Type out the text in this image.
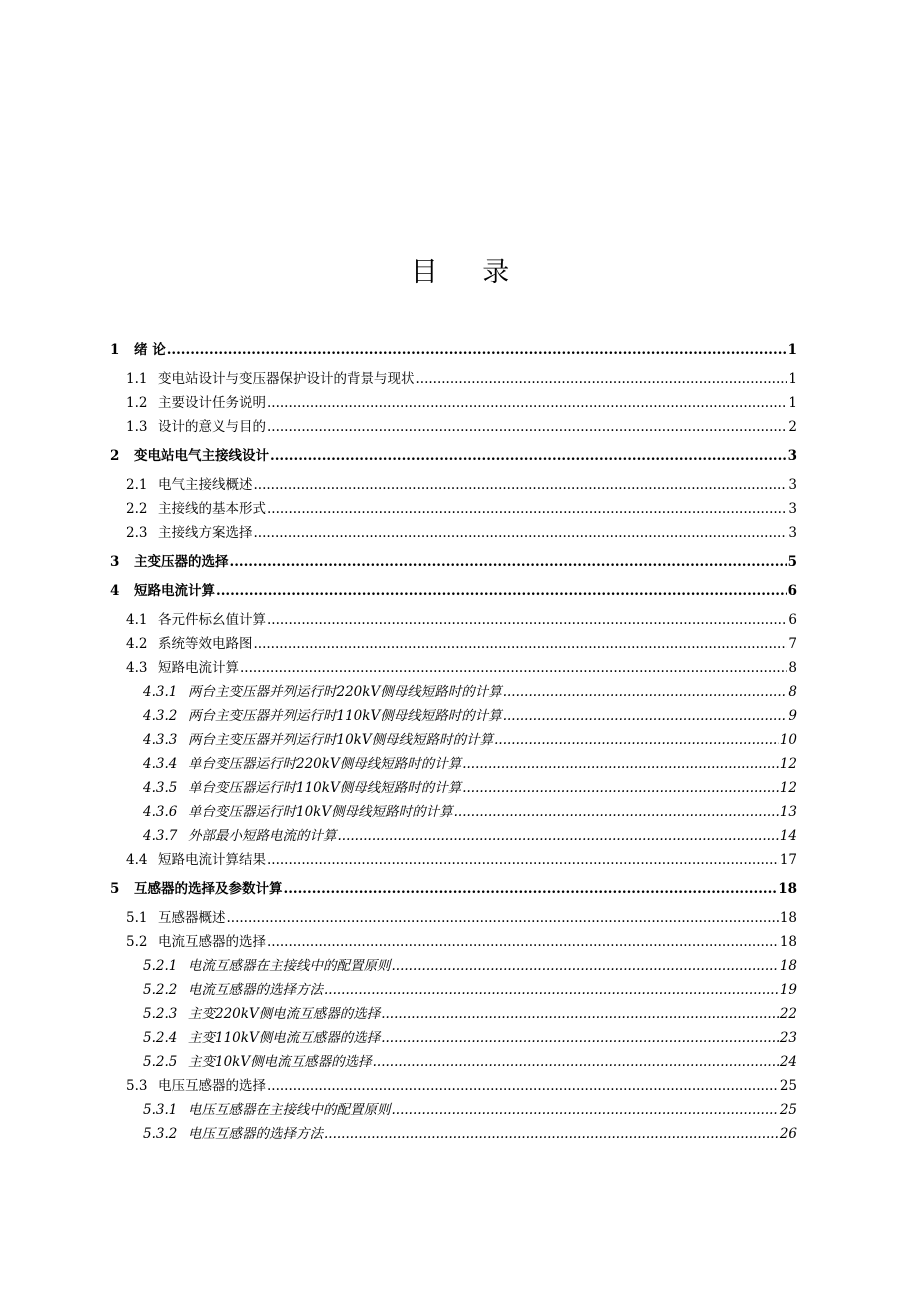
目 录
1	绪 论 .....	1
1.1 变电站设计与变压器保护设计的背景与现状 .....	1
1.2 主要设计任务说明 .....	1
1.3 设计的意义与目的 .....	2
2	变电站电气主接线设计 .....	3
2.1 电气主接线概述 .....	3
2.2 主接线的基本形式 .....	3
2.3 主接线方案选择 .....	3
3	主变压器的选择 .....	5
4	短路电流计算 .....	6
4.1 各元件标幺值计算 .....	6
4.2 系统等效电路图 .....	7
4.3 短路电流计算 .....	8
4.3.1 两台主变压器并列运行时220kV侧母线短路时的计算 .....	8
4.3.2 两台主变压器并列运行时110kV侧母线短路时的计算 .....	9
4.3.3 两台主变压器并列运行时10kV侧母线短路时的计算 .....	10
4.3.4 单台变压器运行时220kV侧母线短路时的计算 .....	12
4.3.5 单台变压器运行时110kV侧母线短路时的计算 .....	12
4.3.6 单台变压器运行时10kV侧母线短路时的计算 .....	13
4.3.7 外部最小短路电流的计算 .....	14
4.4 短路电流计算结果 .....	17
5	互感器的选择及参数计算 .....	18
5.1 互感器概述 .....	18
5.2 电流互感器的选择 .....	18
5.2.1 电流互感器在主接线中的配置原则 .....	18
5.2.2 电流互感器的选择方法 .....	19
5.2.3 主变220kV侧电流互感器的选择 .....	22
5.2.4 主变110kV侧电流互感器的选择 .....	23
5.2.5 主变10kV侧电流互感器的选择 .....	24
5.3 电压互感器的选择 .....	25
5.3.1 电压互感器在主接线中的配置原则 .....	25
5.3.2 电压互感器的选择方法 .....	26
